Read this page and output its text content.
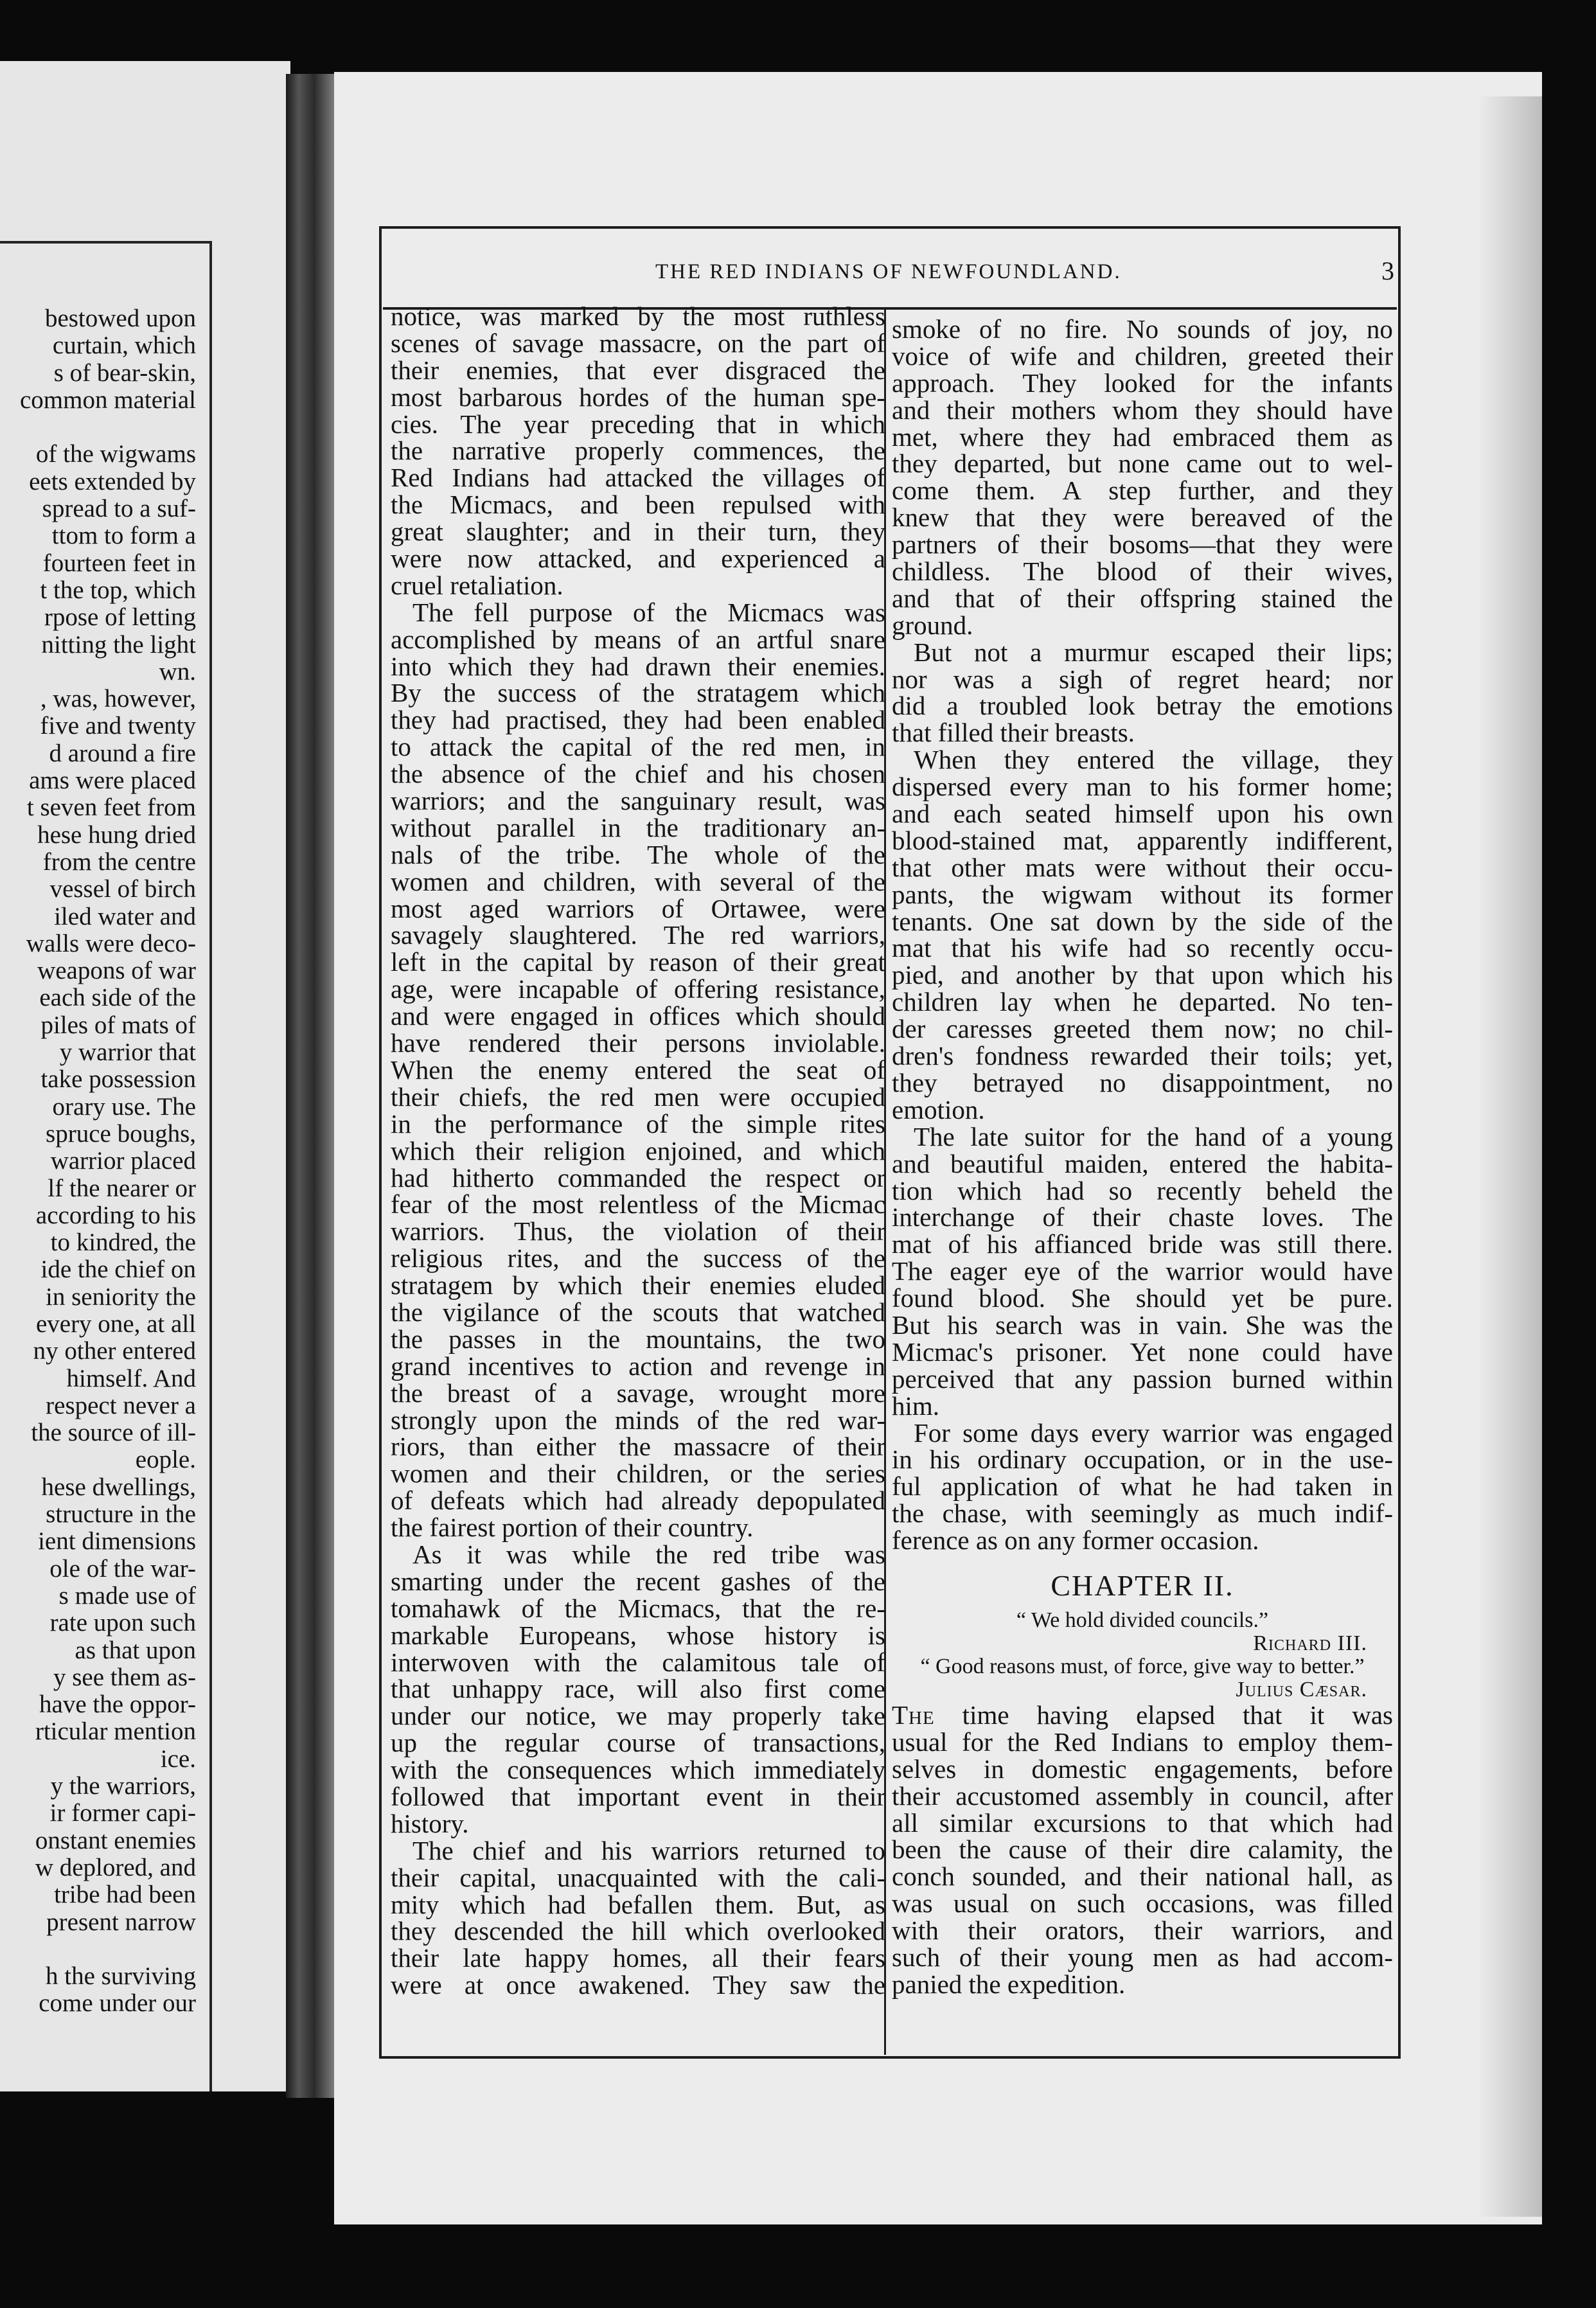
bestowed upon
curtain, which
s of bear-skin,
common material
of the wigwams
eets extended by
spread to a suf-
ttom to form a
fourteen feet in
t the top, which
rpose of letting
nitting the light
wn.
, was, however,
five and twenty
d around a fire
ams were placed
t seven feet from
hese hung dried
from the centre
vessel of birch
iled water and
walls were deco-
weapons of war
each side of the
piles of mats of
y warrior that
take possession
orary use. The
spruce boughs,
warrior placed
lf the nearer or
according to his
to kindred, the
ide the chief on
in seniority the
every one, at all
ny other entered
himself. And
respect never a
the source of ill-
eople.
hese dwellings,
structure in the
ient dimensions
ole of the war-
s made use of
rate upon such
as that upon
y see them as-
have the oppor-
rticular mention
ice.
y the warriors,
ir former capi-
onstant enemies
w deplored, and
tribe had been
present narrow
h the surviving
come under our
THE RED INDIANS OF NEWFOUNDLAND.	3
notice, was marked by the most ruthless
scenes of savage massacre, on the part of
their enemies, that ever disgraced the
most barbarous hordes of the human spe-
cies. The year preceding that in which
the narrative properly commences, the
Red Indians had attacked the villages of
the Micmacs, and been repulsed with
great slaughter; and in their turn, they
were now attacked, and experienced a
cruel retaliation.
The fell purpose of the Micmacs was
accomplished by means of an artful snare
into which they had drawn their enemies.
By the success of the stratagem which
they had practised, they had been enabled
to attack the capital of the red men, in
the absence of the chief and his chosen
warriors; and the sanguinary result, was
without parallel in the traditionary an-
nals of the tribe. The whole of the
women and children, with several of the
most aged warriors of Ortawee, were
savagely slaughtered. The red warriors,
left in the capital by reason of their great
age, were incapable of offering resistance,
and were engaged in offices which should
have rendered their persons inviolable.
When the enemy entered the seat of
their chiefs, the red men were occupied
in the performance of the simple rites
which their religion enjoined, and which
had hitherto commanded the respect or
fear of the most relentless of the Micmac
warriors. Thus, the violation of their
religious rites, and the success of the
stratagem by which their enemies eluded
the vigilance of the scouts that watched
the passes in the mountains, the two
grand incentives to action and revenge in
the breast of a savage, wrought more
strongly upon the minds of the red war-
riors, than either the massacre of their
women and their children, or the series
of defeats which had already depopulated
the fairest portion of their country.
As it was while the red tribe was
smarting under the recent gashes of the
tomahawk of the Micmacs, that the re-
markable Europeans, whose history is
interwoven with the calamitous tale of
that unhappy race, will also first come
under our notice, we may properly take
up the regular course of transactions,
with the consequences which immediately
followed that important event in their
history.
The chief and his warriors returned to
their capital, unacquainted with the cali-
mity which had befallen them. But, as
they descended the hill which overlooked
their late happy homes, all their fears
were at once awakened. They saw the
smoke of no fire. No sounds of joy, no
voice of wife and children, greeted their
approach. They looked for the infants
and their mothers whom they should have
met, where they had embraced them as
they departed, but none came out to wel-
come them. A step further, and they
knew that they were bereaved of the
partners of their bosoms—that they were
childless. The blood of their wives,
and that of their offspring stained the
ground.
But not a murmur escaped their lips;
nor was a sigh of regret heard; nor
did a troubled look betray the emotions
that filled their breasts.
When they entered the village, they
dispersed every man to his former home;
and each seated himself upon his own
blood-stained mat, apparently indifferent,
that other mats were without their occu-
pants, the wigwam without its former
tenants. One sat down by the side of the
mat that his wife had so recently occu-
pied, and another by that upon which his
children lay when he departed. No ten-
der caresses greeted them now; no chil-
dren's fondness rewarded their toils; yet,
they betrayed no disappointment, no
emotion.
The late suitor for the hand of a young
and beautiful maiden, entered the habita-
tion which had so recently beheld the
interchange of their chaste loves. The
mat of his affianced bride was still there.
The eager eye of the warrior would have
found blood. She should yet be pure.
But his search was in vain. She was the
Micmac's prisoner. Yet none could have
perceived that any passion burned within
him.
For some days every warrior was engaged
in his ordinary occupation, or in the use-
ful application of what he had taken in
the chase, with seemingly as much indif-
ference as on any former occasion.
CHAPTER II.
“ We hold divided councils.”
Richard III.
“ Good reasons must, of force, give way to better.”
Julius Cæsar.
The time having elapsed that it was
usual for the Red Indians to employ them-
selves in domestic engagements, before
their accustomed assembly in council, after
all similar excursions to that which had
been the cause of their dire calamity, the
conch sounded, and their national hall, as
was usual on such occasions, was filled
with their orators, their warriors, and
such of their young men as had accom-
panied the expedition.
